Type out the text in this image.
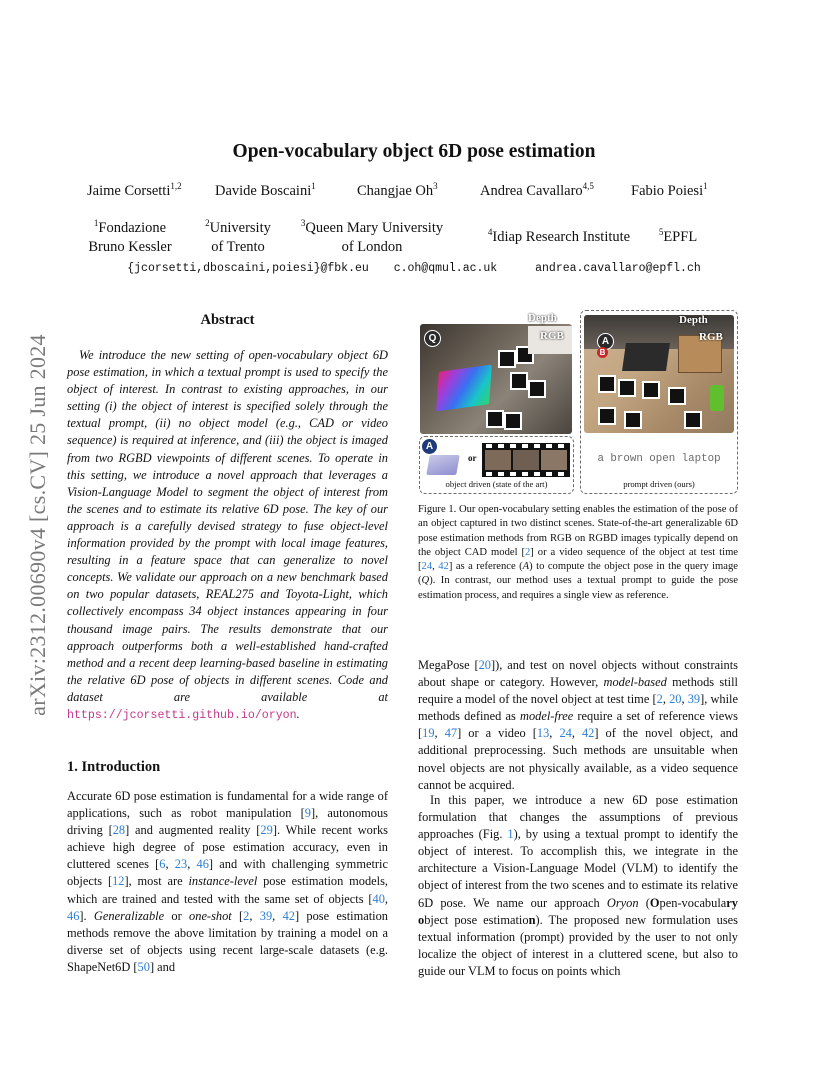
arXiv:2312.00690v4 [cs.CV] 25 Jun 2024
Open-vocabulary object 6D pose estimation
Jaime Corsetti$^{1,2}$ Davide Boscaini$^1$	Changjae Oh$^3$	Andrea Cavallaro$^{4,5}$	Fabio Poiesi$^1$
$^1$Fondazione
Bruno Kessler
$^2$University
of Trento
$^3$Queen Mary University
of London
$^4$Idiap Research Institute	$^5$EPFL
{jcorsetti,dboscaini,poiesi}@fbk.eu c.oh@qmul.ac.uk	andrea.cavallaro@epfl.ch
Abstract
We introduce the new setting of open-vocabulary object 6D pose estimation, in which a textual prompt is used to specify the object of interest. In contrast to existing approaches, in our setting (i) the object of interest is specified solely through the textual prompt, (ii) no object model (e.g., CAD or video sequence) is required at inference, and (iii) the object is imaged from two RGBD viewpoints of different scenes. To operate in this setting, we introduce a novel approach that leverages a Vision-Language Model to segment the object of interest from the scenes and to estimate its relative 6D pose. The key of our approach is a carefully devised strategy to fuse object-level information provided by the prompt with local image features, resulting in a feature space that can generalize to novel concepts. We validate our approach on a new benchmark based on two popular datasets, REAL275 and Toyota-Light, which collectively encompass 34 object instances appearing in four thousand image pairs. The results demonstrate that our approach outperforms both a well-established hand-crafted method and a recent deep learning-based baseline in estimating the relative 6D pose of objects in different scenes. Code and dataset are available at https://jcorsetti.github.io/oryon.
1. Introduction
Accurate 6D pose estimation is fundamental for a wide range of applications, such as robot manipulation [9], autonomous driving [28] and augmented reality [29]. While recent works achieve high degree of pose estimation accuracy, even in cluttered scenes [6, 23, 46] and with challenging symmetric objects [12], most are instance-level pose estimation models, which are trained and tested with the same set of objects [40, 46]. Generalizable or one-shot [2, 39, 42] pose estimation methods remove the above limitation by training a model on a diverse set of objects using recent large-scale datasets (e.g. ShapeNet6D [50] and
Depth
RGB
Q
A
or
object driven (state of the art)
Depth
RGB
A
B
a brown open laptop
prompt driven (ours)
Figure 1. Our open-vocabulary setting enables the estimation of the pose of an object captured in two distinct scenes. State-of-the-art generalizable 6D pose estimation methods from RGB on RGBD images typically depend on the object CAD model [2] or a video sequence of the object at test time [24, 42] as a reference (A) to compute the object pose in the query image (Q). In contrast, our method uses a textual prompt to guide the pose estimation process, and requires a single view as reference.
MegaPose [20]), and test on novel objects without constraints about shape or category. However, model-based methods still require a model of the novel object at test time [2, 20, 39], while methods defined as model-free require a set of reference views [19, 47] or a video [13, 24, 42] of the novel object, and additional preprocessing. Such methods are unsuitable when novel objects are not physically available, as a video sequence cannot be acquired.
In this paper, we introduce a new 6D pose estimation formulation that changes the assumptions of previous approaches (Fig. 1), by using a textual prompt to identify the object of interest. To accomplish this, we integrate in the architecture a Vision-Language Model (VLM) to identify the object of interest from the two scenes and to estimate its relative 6D pose. We name our approach Oryon (Open-vocabulary object pose estimation). The proposed new formulation uses textual information (prompt) provided by the user to not only localize the object of interest in a cluttered scene, but also to guide our VLM to focus on points which
